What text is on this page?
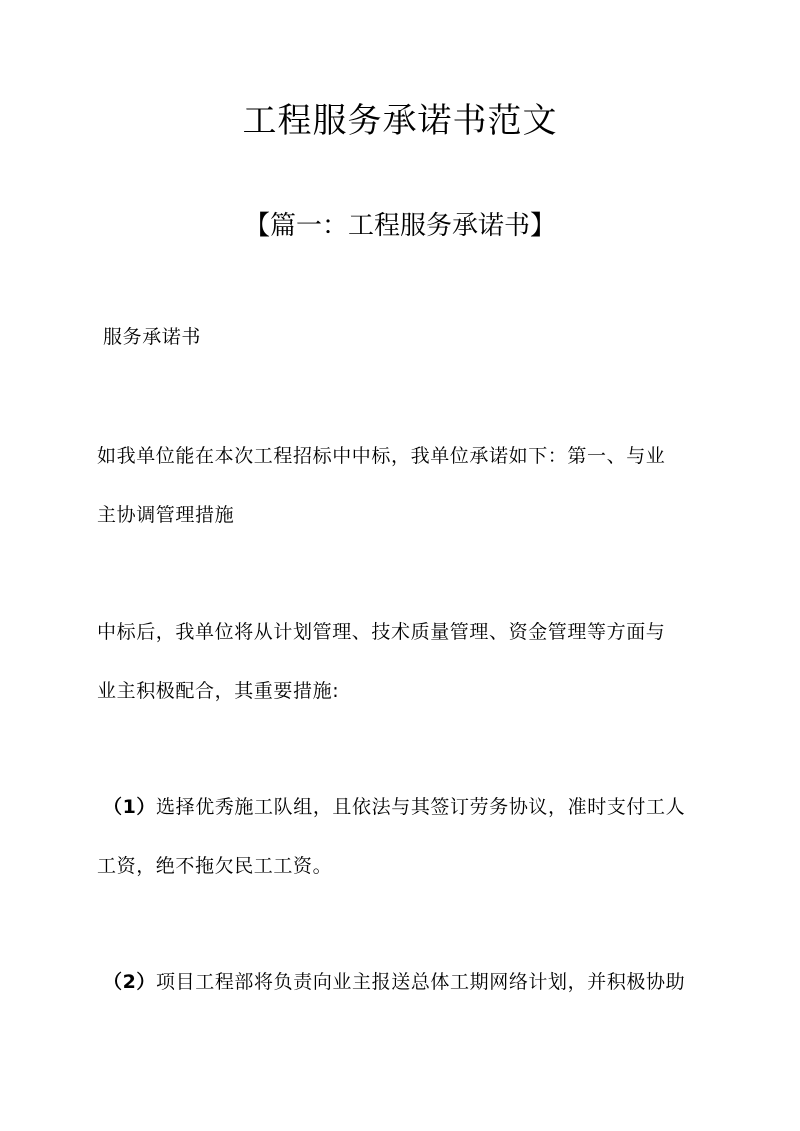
工程服务承诺书范文
【篇一：工程服务承诺书】
服务承诺书
如我单位能在本次工程招标中中标，我单位承诺如下：第一、与业
主协调管理措施
中标后，我单位将从计划管理、技术质量管理、资金管理等方面与
业主积极配合，其重要措施:
（1）选择优秀施工队组，且依法与其签订劳务协议，准时支付工人
工资，绝不拖欠民工工资。
（2）项目工程部将负责向业主报送总体工期网络计划，并积极协助
